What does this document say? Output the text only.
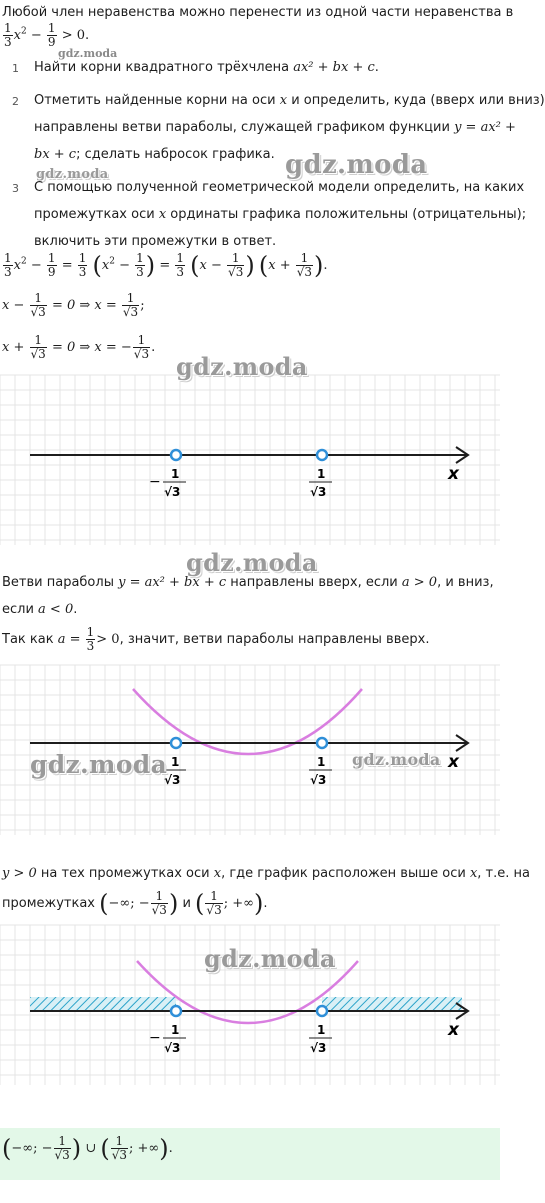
Любой член неравенства можно перенести из одной части неравенства в
$\frac{1}{3} x^2 - \frac{1}{9} > 0$.
gdz.moda
1	Найти корни квадратного трёхчлена ax² + bx + c.
2	Отметить найденные корни на оси x и определить, куда (вверх или вниз)
направлены ветви параболы, служащей графиком функции y = ax² +
bx + c; сделать набросок графика.
gdz.moda	gdz.moda
3	С помощью полученной геометрической модели определить, на каких
промежутках оси x ординаты графика положительны (отрицательны);
включить эти промежутки в ответ.
$\frac{1}{3} x^2 - \frac{1}{9} = \frac{1}{3} (x^2 - \frac{1}{3}$ ) = $\frac{1}{3} (x - \frac{1}{√3}$ ) ($x + \frac{1}{√3}$ ).
$x - \frac{1}{√3} = 0$ ⇒ $x = \frac{1}{√3}$ ;
$x + \frac{1}{√3} = 0$ ⇒ x = − $\frac{1}{√3}$ .
x
− 1
√3
1
√3
gdz.moda
gdz.moda
Ветви параболы y = ax² + bx + c направлены вверх, если a > 0, и вниз,
если a < 0.
Так как $a = \frac{1}{3} > 0$, значит, ветви параболы направлены вверх.
x
1
√3
1
√3
gdz.moda	gdz.moda
y > 0 на тех промежутках оси x, где график расположен выше оси x, т.е. на
промежутках (−∞; − $\frac{1}{√3}$ ) и ( $\frac{1}{√3}$ ; +∞).
x
− 1
√3
1
√3
gdz.moda
(−∞; − $\frac{1}{√3}$ ) ∪ ( $\frac{1}{√3}$ ; +∞).
